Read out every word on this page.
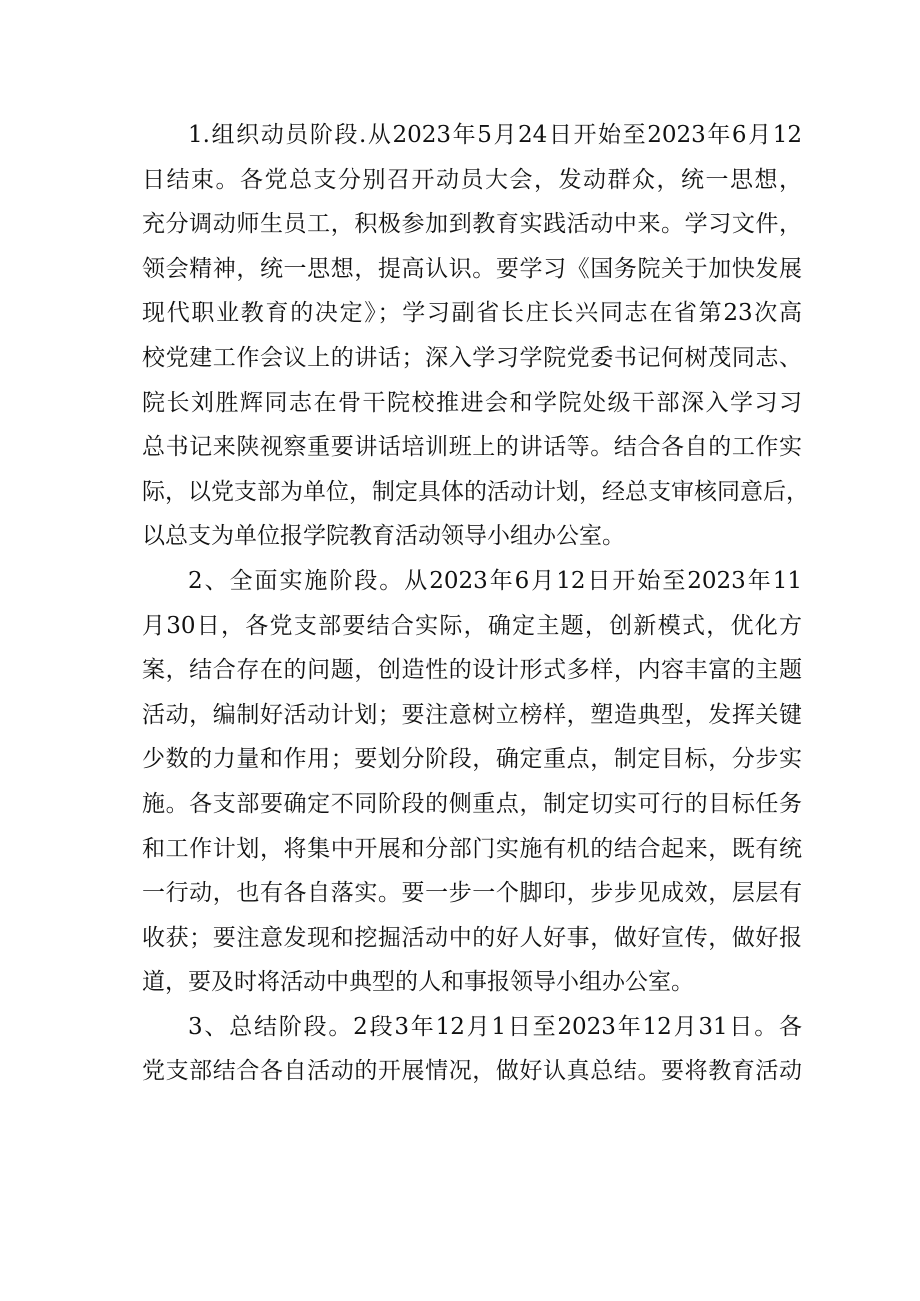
1.组织动员阶段.从2023年5月24日开始至2023年6月12
日结束。各党总支分别召开动员大会，发动群众，统一思想，
充分调动师生员工，积极参加到教育实践活动中来。学习文件，
领会精神，统一思想，提高认识。要学习《国务院关于加快发展
现代职业教育的决定》；学习副省长庄长兴同志在省第23次高
校党建工作会议上的讲话；深入学习学院党委书记何树茂同志、
院长刘胜辉同志在骨干院校推进会和学院处级干部深入学习习
总书记来陕视察重要讲话培训班上的讲话等。结合各自的工作实
际，以党支部为单位，制定具体的活动计划，经总支审核同意后，
以总支为单位报学院教育活动领导小组办公室。
2、全面实施阶段。从2023年6月12日开始至2023年11
月30日，各党支部要结合实际，确定主题，创新模式，优化方
案，结合存在的问题，创造性的设计形式多样，内容丰富的主题
活动，编制好活动计划；要注意树立榜样，塑造典型，发挥关键
少数的力量和作用；要划分阶段，确定重点，制定目标，分步实
施。各支部要确定不同阶段的侧重点，制定切实可行的目标任务
和工作计划，将集中开展和分部门实施有机的结合起来，既有统
一行动，也有各自落实。要一步一个脚印，步步见成效，层层有
收获；要注意发现和挖掘活动中的好人好事，做好宣传，做好报
道，要及时将活动中典型的人和事报领导小组办公室。
3、总结阶段。2段3年12月1日至2023年12月31日。各
党支部结合各自活动的开展情况，做好认真总结。要将教育活动
